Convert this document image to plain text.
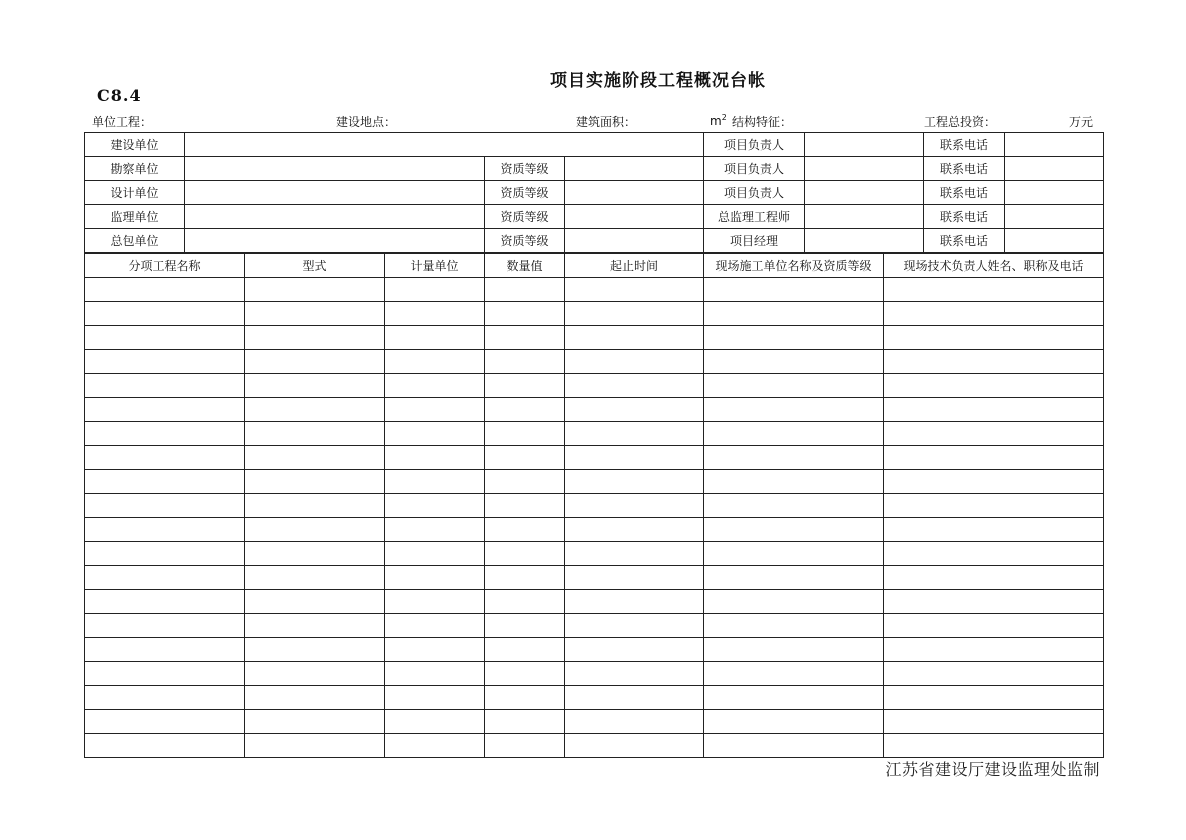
C8.4
项目实施阶段工程概况台帐
单位工程：	建设地点：	建筑面积：	$m^2$ 结构特征：	工程总投资：	万元
建设单位				项目负责人		联系电话	
勘察单位		资质等级		项目负责人		联系电话	
设计单位		资质等级		项目负责人		联系电话	
监理单位		资质等级		总监理工程师		联系电话	
总包单位		资质等级		项目经理		联系电话	
分项工程名称	型式	计量单位	数量值	起止时间	现场施工单位名称及资质等级	现场技术负责人姓名、职称及电话

江苏省建设厅建设监理处监制
